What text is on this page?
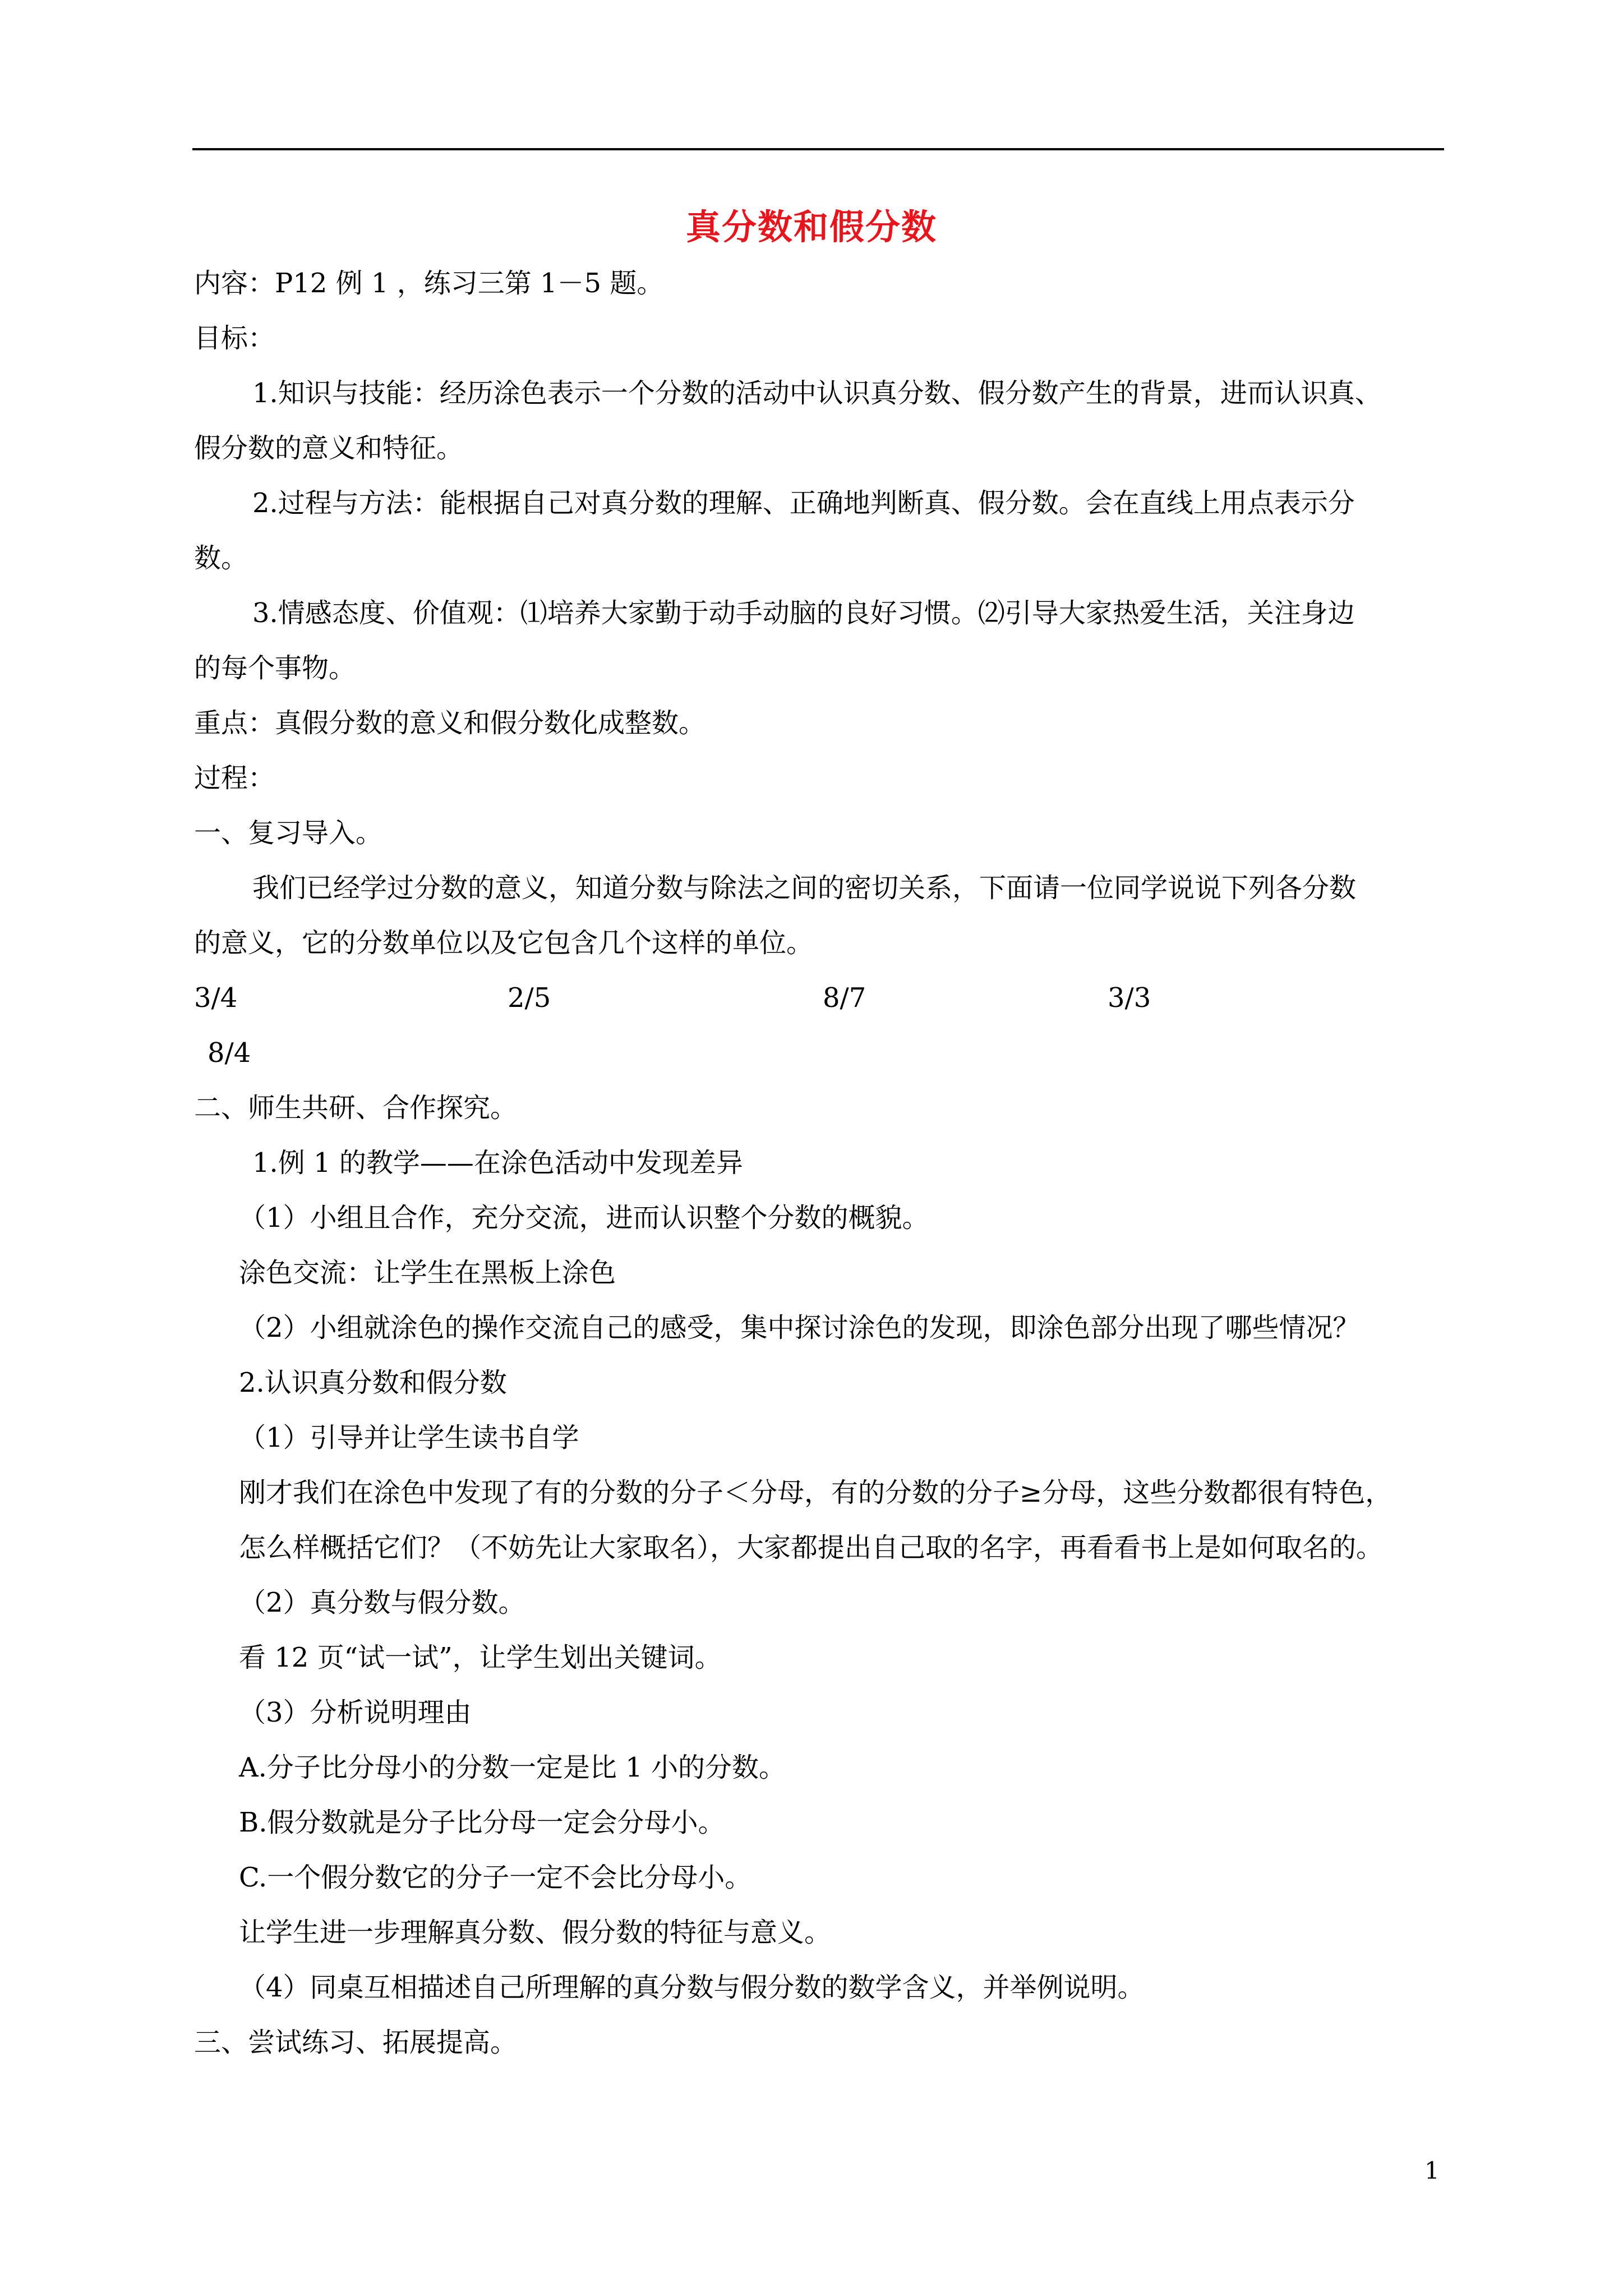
真分数和假分数
内容：P12 例 1 ，练习三第 1－5 题。
目标：
1.知识与技能：经历涂色表示一个分数的活动中认识真分数、假分数产生的背景，进而认识真、
假分数的意义和特征。
2.过程与方法：能根据自己对真分数的理解、正确地判断真、假分数。会在直线上用点表示分
数。
3.情感态度、价值观：⑴培养大家勤于动手动脑的良好习惯。⑵引导大家热爱生活，关注身边
的每个事物。
重点：真假分数的意义和假分数化成整数。
过程：
一、复习导入。
我们已经学过分数的意义，知道分数与除法之间的密切关系，下面请一位同学说说下列各分数
的意义，它的分数单位以及它包含几个这样的单位。
3/4	2/5	8/7	3/3
8/4
二、师生共研、合作探究。
1.例 1 的教学——在涂色活动中发现差异
（1）小组且合作，充分交流，进而认识整个分数的概貌。
涂色交流：让学生在黑板上涂色
（2）小组就涂色的操作交流自己的感受，集中探讨涂色的发现，即涂色部分出现了哪些情况？
2.认识真分数和假分数
（1）引导并让学生读书自学
刚才我们在涂色中发现了有的分数的分子＜分母，有的分数的分子≥分母，这些分数都很有特色，
怎么样概括它们？（不妨先让大家取名），大家都提出自己取的名字，再看看书上是如何取名的。
（2）真分数与假分数。
看 12 页“试一试”，让学生划出关键词。
（3）分析说明理由
A.分子比分母小的分数一定是比 1 小的分数。
B.假分数就是分子比分母一定会分母小。
C.一个假分数它的分子一定不会比分母小。
让学生进一步理解真分数、假分数的特征与意义。
（4）同桌互相描述自己所理解的真分数与假分数的数学含义，并举例说明。
三、尝试练习、拓展提高。
1
